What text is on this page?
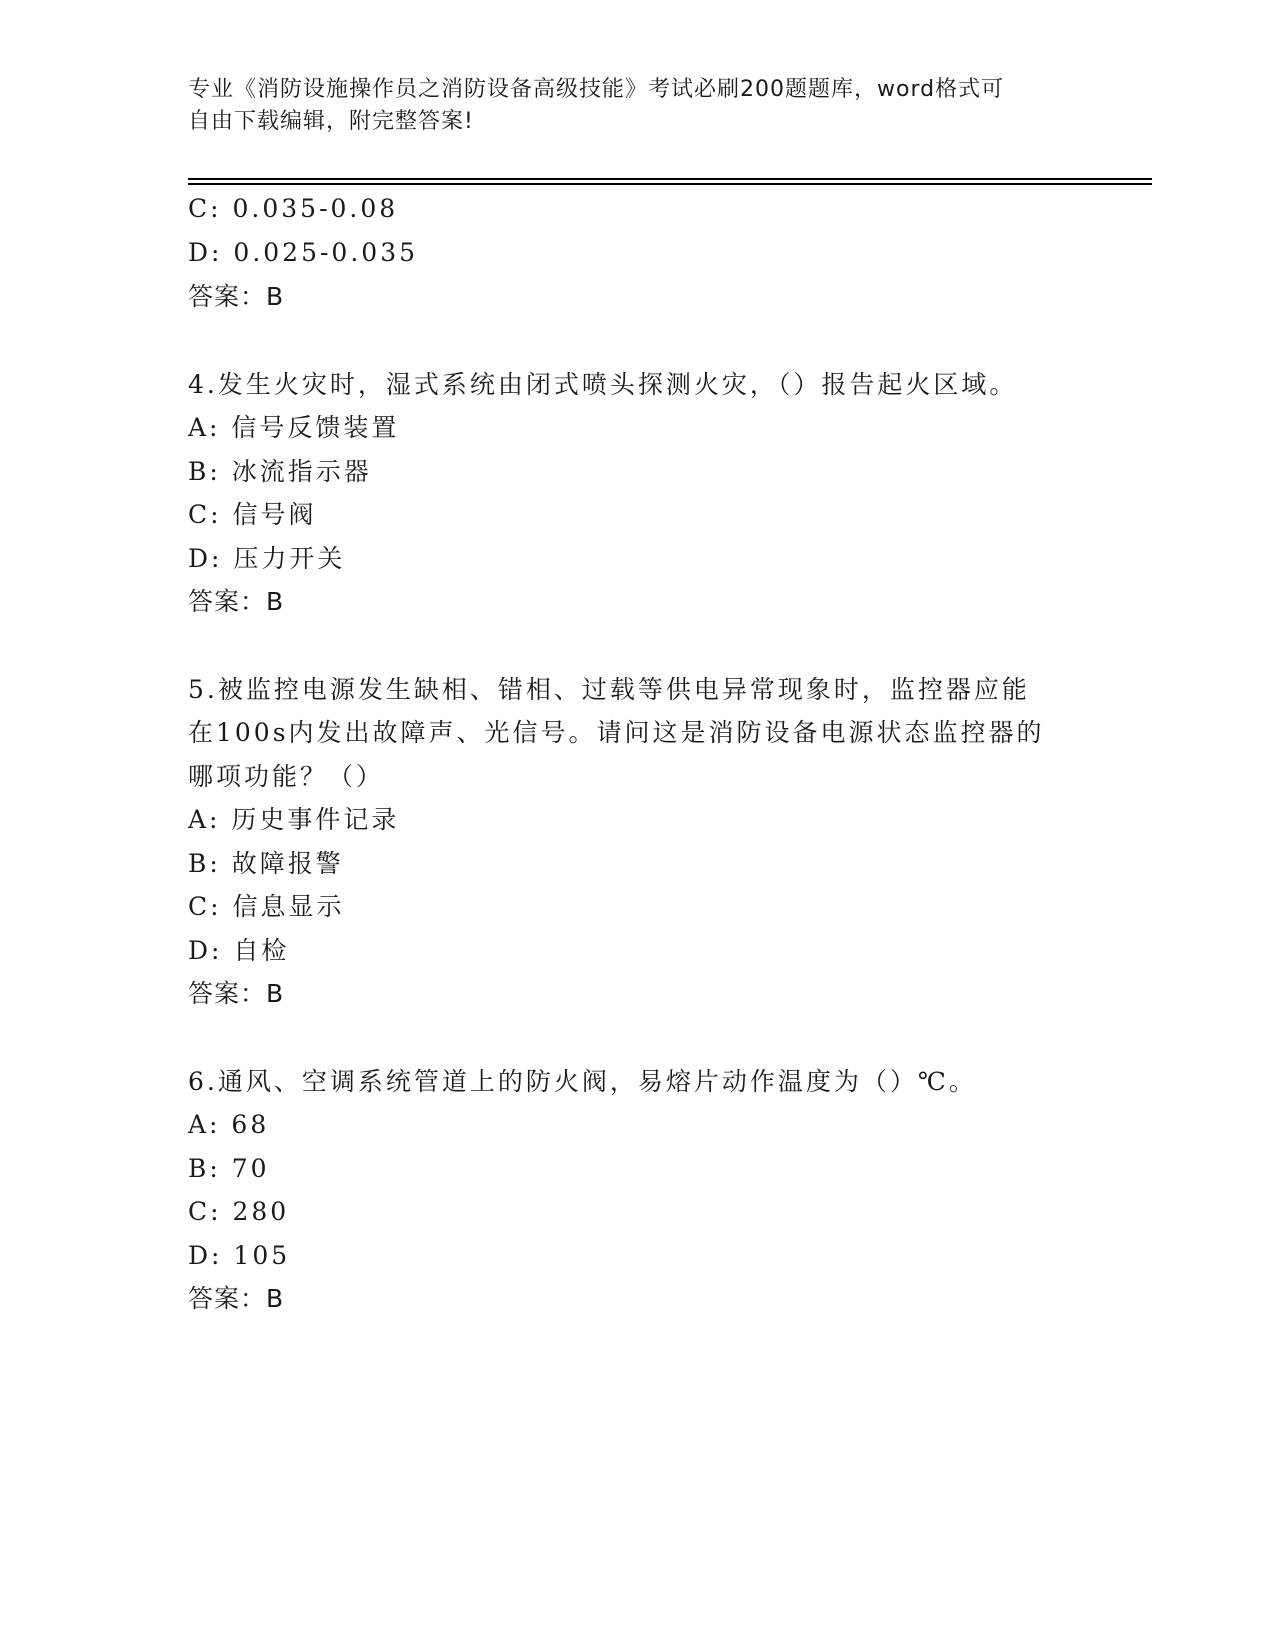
专业《消防设施操作员之消防设备高级技能》考试必刷200题题库，word格式可
自由下载编辑，附完整答案!
C: 0.035-0.08
D: 0.025-0.035
答案：B
4.发生火灾时，湿式系统由闭式喷头探测火灾，（）报告起火区域。
A: 信号反馈装置
B: 冰流指示器
C: 信号阀
D: 压力开关
答案：B
5.被监控电源发生缺相、错相、过载等供电异常现象时，监控器应能
在100s内发出故障声、光信号。请问这是消防设备电源状态监控器的
哪项功能？（）
A: 历史事件记录
B: 故障报警
C: 信息显示
D: 自检
答案：B
6.通风、空调系统管道上的防火阀，易熔片动作温度为（）℃。
A: 68
B: 70
C: 280
D: 105
答案：B
